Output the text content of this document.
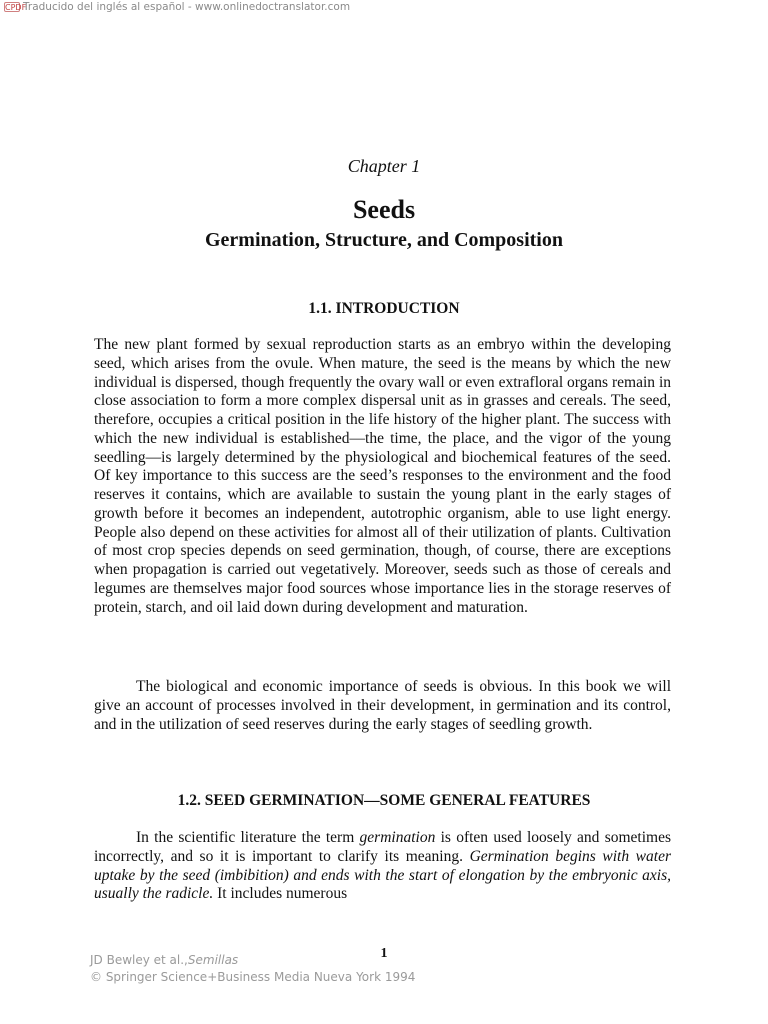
CPDF
Traducido del inglés al español - www.onlinedoctranslator.com
Chapter 1
Seeds
Germination, Structure, and Composition
1.1. INTRODUCTION

The new plant formed by sexual reproduction starts as an embryo within the developing seed, which arises from the ovule. When mature, the seed is the means by which the new individual is dispersed, though frequently the ovary wall or even extrafloral organs remain in close association to form a more complex dispersal unit as in grasses and cereals. The seed, therefore, occupies a critical position in the life history of the higher plant. The success with which the new individual is established—the time, the place, and the vigor of the young seedling—is largely determined by the physiological and biochemical features of the seed. Of key importance to this success are the seed’s responses to the environment and the food reserves it contains, which are available to sustain the young plant in the early stages of growth before it becomes an independent, autotrophic organism, able to use light energy. People also depend on these activities for almost all of their utilization of plants. Cultivation of most crop species depends on seed germination, though, of course, there are exceptions when propagation is carried out vegetatively. Moreover, seeds such as those of cereals and legumes are themselves major food sources whose importance lies in the storage reserves of protein, starch, and oil laid down during development and maturation.

The biological and economic importance of seeds is obvious. In this book we will give an account of processes involved in their development, in germination and its control, and in the utilization of seed reserves during the early stages of seedling growth.

1.2. SEED GERMINATION—SOME GENERAL FEATURES

In the scientific literature the term germination is often used loosely and sometimes incorrectly, and so it is important to clarify its meaning. Germination begins with water uptake by the seed (imbibition) and ends with the start of elongation by the embryonic axis, usually the radicle. It includes numerous

1
JD Bewley et al.,Semillas
© Springer Science+Business Media Nueva York 1994
